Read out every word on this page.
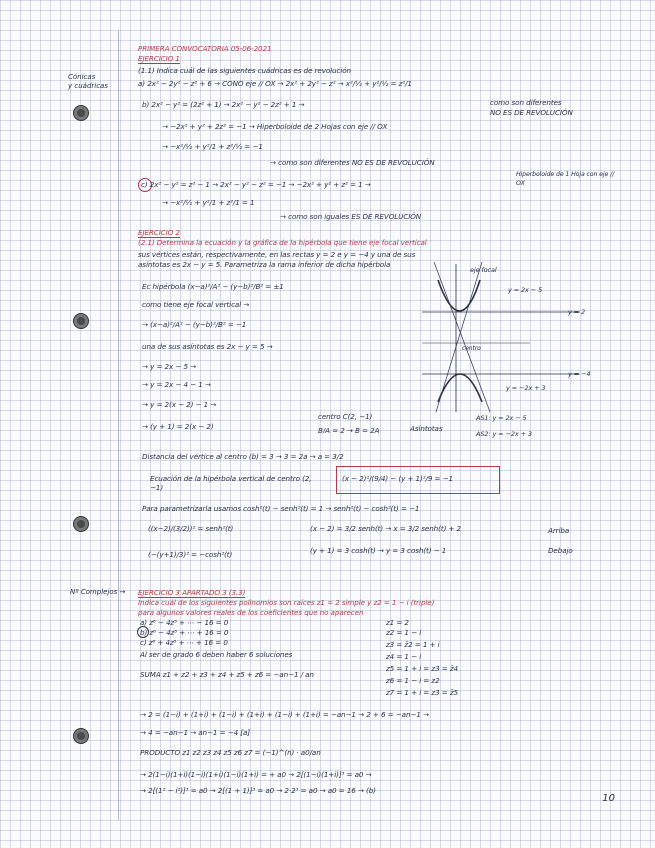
Cónicas
y cuádricas
Nº Complejos →
PRIMERA CONVOCATORIA 05-06-2021
EJERCICIO 1
(1.1) Indica cuál de las siguientes cuádricas es de revolución
a) 2x² − 2y² − z² + 6 → CONO eje // OX → 2x² + 2y² − z² → x²/½ + y²/½ = z²/1
como son diferentes
NO ES DE REVOLUCIÓN
b) 2x² − y² = (2z² + 1) → 2x² − y² − 2z² + 1 →
→ −2x² + y² + 2z² = −1 → Hiperboloide de 2 Hojas con eje // OX
→ −x²/½ + y²/1 + z²/½ = −1
→ como son diferentes NO ES DE REVOLUCIÓN
c) 2x² − y² = z² − 1 → 2x² − y² − z² = −1 → −2x² + y² + z² = 1 →
Hiperboloide de 1 Hoja con eje // OX
→ −x²/½ + y²/1 + z²/1 = 1
→ como son iguales ES DE REVOLUCIÓN
EJERCICIO 2
(2.1) Determina la ecuación y la gráfica de la hipérbola que tiene eje focal vertical
sus vértices están, respectivamente, en las rectas y = 2 e y = −4 y una de sus
asíntotas es 2x − y = 5. Parametriza la rama inferior de dicha hipérbola
Ec hipérbola (x−a)²/A² − (y−b)²/B² = ±1
como tiene eje focal vertical →
→ (x−a)²/A² − (y−b)²/B² = −1
una de sus asíntotas es 2x − y = 5 →
→ y = 2x − 5 →
→ y = 2x − 4 − 1 →
→ y = 2(x − 2) − 1 →
→ (y + 1) = 2(x − 2)
centro C(2, −1)
B/A = 2 → B = 2A	Asíntotas
AS1: y = 2x − 5
AS2: y = −2x + 3
Distancia del vértice al centro (b) = 3 → 3 = 2a → a = 3/2
Ecuación de la hipérbola vertical de centro (2, −1)
(x − 2)²/(9/4) − (y + 1)²/9 = −1
Para parametrizarla usamos cosh²(t) − senh²(t) = 1 → senh²(t) − cosh²(t) = −1
((x−2)/(3/2))² = senh²(t)	(x − 2) = 3/2 senh(t) → x = 3/2 senh(t) + 2	Arriba
(−(y+1)/3)² = −cosh²(t)	(y + 1) = 3 cosh(t) → y = 3 cosh(t) − 1	Debajo
y = 2x − 5
eje focal
y = 2
y = −4
y = −2x + 3
centro
EJERCICIO 3 APARTADO 3 (3.3)
Indica cuál de los siguientes polinomios son raíces z1 = 2 simple y z2 = 1 − i (triple)
para algunos valores reales de los coeficientes que no aparecen
a) z⁶ − 4z⁵ + ⋯ − 16 = 0
b) z⁶ − 4z⁵ + ⋯ + 16 = 0
c) z⁶ + 4z⁵ + ⋯ + 16 = 0
Al ser de grado 6 deben haber 6 soluciones
SUMA z1 + z2 + z3 + z4 + z5 + z6 = −an−1 / an
z1 = 2
z2 = 1 − i
z3 = z̄2 = 1 + i
z4 = 1 − i
z5 = 1 + i = z3 = z̄4
z6 = 1 − i = z2
z7 = 1 + i = z3 = z̄5
→ 2 = (1−i) + (1+i) + (1−i) + (1+i) + (1−i) + (1+i) = −an−1 → 2 + 6 = −an−1 →
→ 4 = −an−1 → an−1 = −4 [a]
PRODUCTO z1 z2 z3 z4 z5 z6 z7 = (−1)^(n) · a0/an
→ 2(1−i)(1+i)(1−i)(1+i)(1−i)(1+i) = + a0 → 2[(1−i)(1+i)]³ = a0 →
→ 2[(1² − i²)]³ = a0 → 2[(1 + 1)]³ = a0 → 2·2³ = a0 → a0 = 16 → (b)
10
